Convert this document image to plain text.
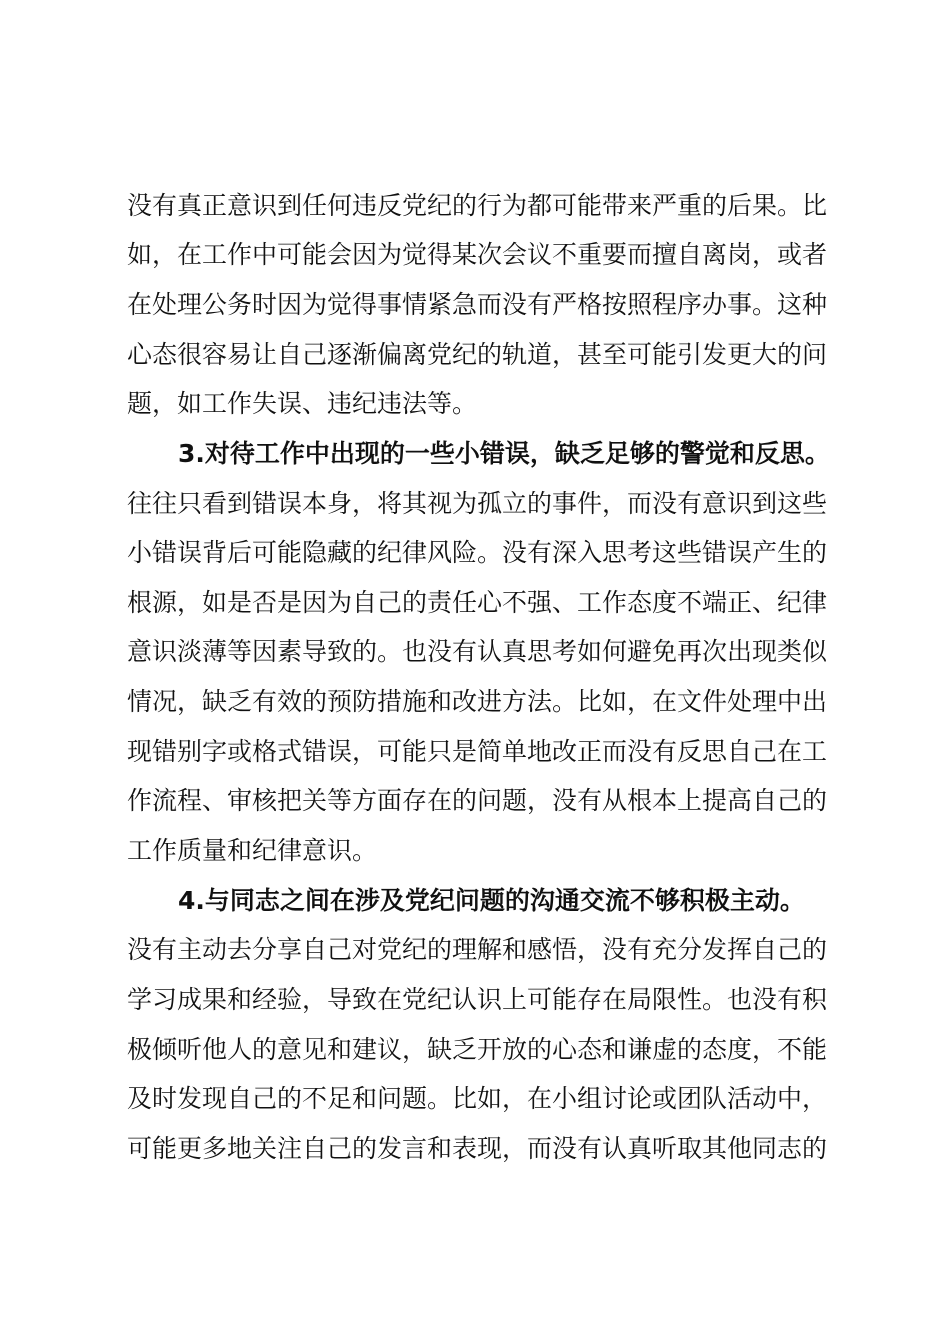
没有真正意识到任何违反党纪的行为都可能带来严重的后果。比
如，在工作中可能会因为觉得某次会议不重要而擅自离岗，或者
在处理公务时因为觉得事情紧急而没有严格按照程序办事。这种
心态很容易让自己逐渐偏离党纪的轨道，甚至可能引发更大的问
题，如工作失误、违纪违法等。
3.对待工作中出现的一些小错误，缺乏足够的警觉和反思。
往往只看到错误本身，将其视为孤立的事件，而没有意识到这些
小错误背后可能隐藏的纪律风险。没有深入思考这些错误产生的
根源，如是否是因为自己的责任心不强、工作态度不端正、纪律
意识淡薄等因素导致的。也没有认真思考如何避免再次出现类似
情况，缺乏有效的预防措施和改进方法。比如，在文件处理中出
现错别字或格式错误，可能只是简单地改正而没有反思自己在工
作流程、审核把关等方面存在的问题，没有从根本上提高自己的
工作质量和纪律意识。
4.与同志之间在涉及党纪问题的沟通交流不够积极主动。
没有主动去分享自己对党纪的理解和感悟，没有充分发挥自己的
学习成果和经验，导致在党纪认识上可能存在局限性。也没有积
极倾听他人的意见和建议，缺乏开放的心态和谦虚的态度，不能
及时发现自己的不足和问题。比如，在小组讨论或团队活动中，
可能更多地关注自己的发言和表现，而没有认真听取其他同志的
